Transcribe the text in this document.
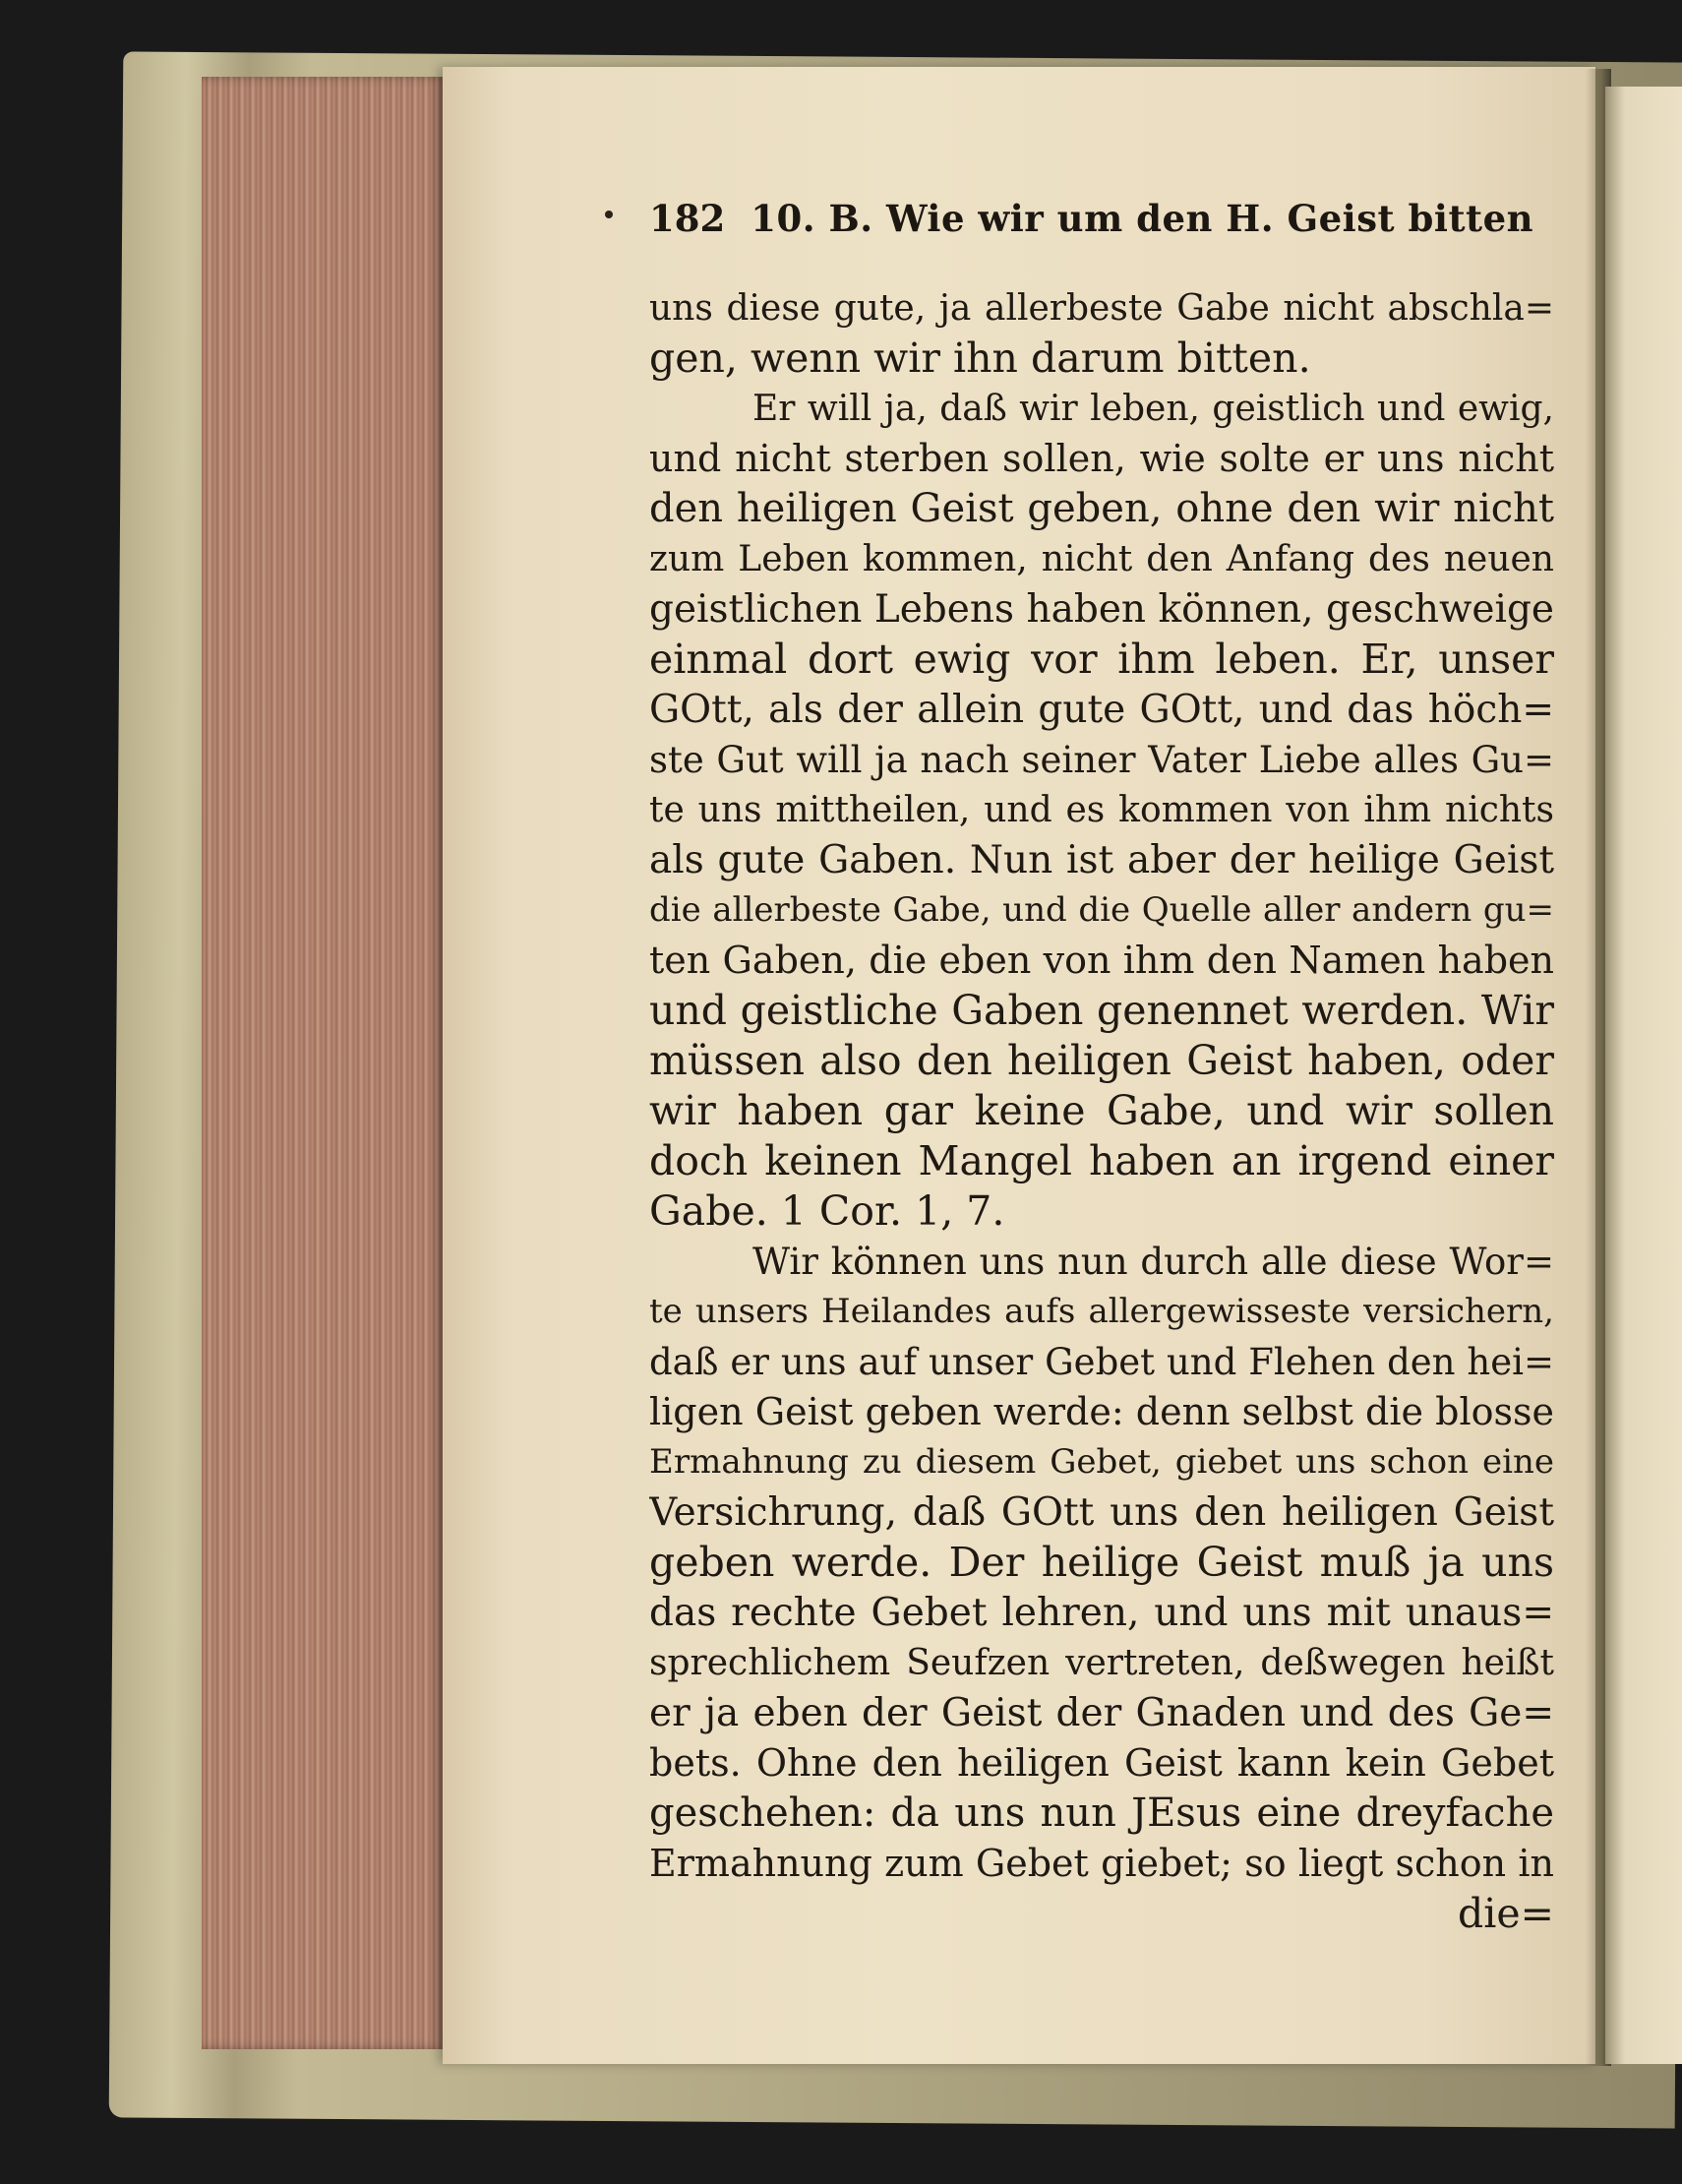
182 10. B. Wie wir um den H. Geist bitten
uns diese gute, ja allerbeste Gabe nicht abschla=
gen, wenn wir ihn darum bitten.
Er will ja, daß wir leben, geistlich und ewig,
und nicht sterben sollen, wie solte er uns nicht
den heiligen Geist geben, ohne den wir nicht
zum Leben kommen, nicht den Anfang des neuen
geistlichen Lebens haben können, geschweige
einmal dort ewig vor ihm leben. Er, unser
GOtt, als der allein gute GOtt, und das höch=
ste Gut will ja nach seiner Vater Liebe alles Gu=
te uns mittheilen, und es kommen von ihm nichts
als gute Gaben. Nun ist aber der heilige Geist
die allerbeste Gabe, und die Quelle aller andern gu=
ten Gaben, die eben von ihm den Namen haben
und geistliche Gaben genennet werden. Wir
müssen also den heiligen Geist haben, oder
wir haben gar keine Gabe, und wir sollen
doch keinen Mangel haben an irgend einer
Gabe. 1 Cor. 1, 7.
Wir können uns nun durch alle diese Wor=
te unsers Heilandes aufs allergewisseste versichern,
daß er uns auf unser Gebet und Flehen den hei=
ligen Geist geben werde: denn selbst die blosse
Ermahnung zu diesem Gebet, giebet uns schon eine
Versichrung, daß GOtt uns den heiligen Geist
geben werde. Der heilige Geist muß ja uns
das rechte Gebet lehren, und uns mit unaus=
sprechlichem Seufzen vertreten, deßwegen heißt
er ja eben der Geist der Gnaden und des Ge=
bets. Ohne den heiligen Geist kann kein Gebet
geschehen: da uns nun JEsus eine dreyfache
Ermahnung zum Gebet giebet; so liegt schon in
die=
